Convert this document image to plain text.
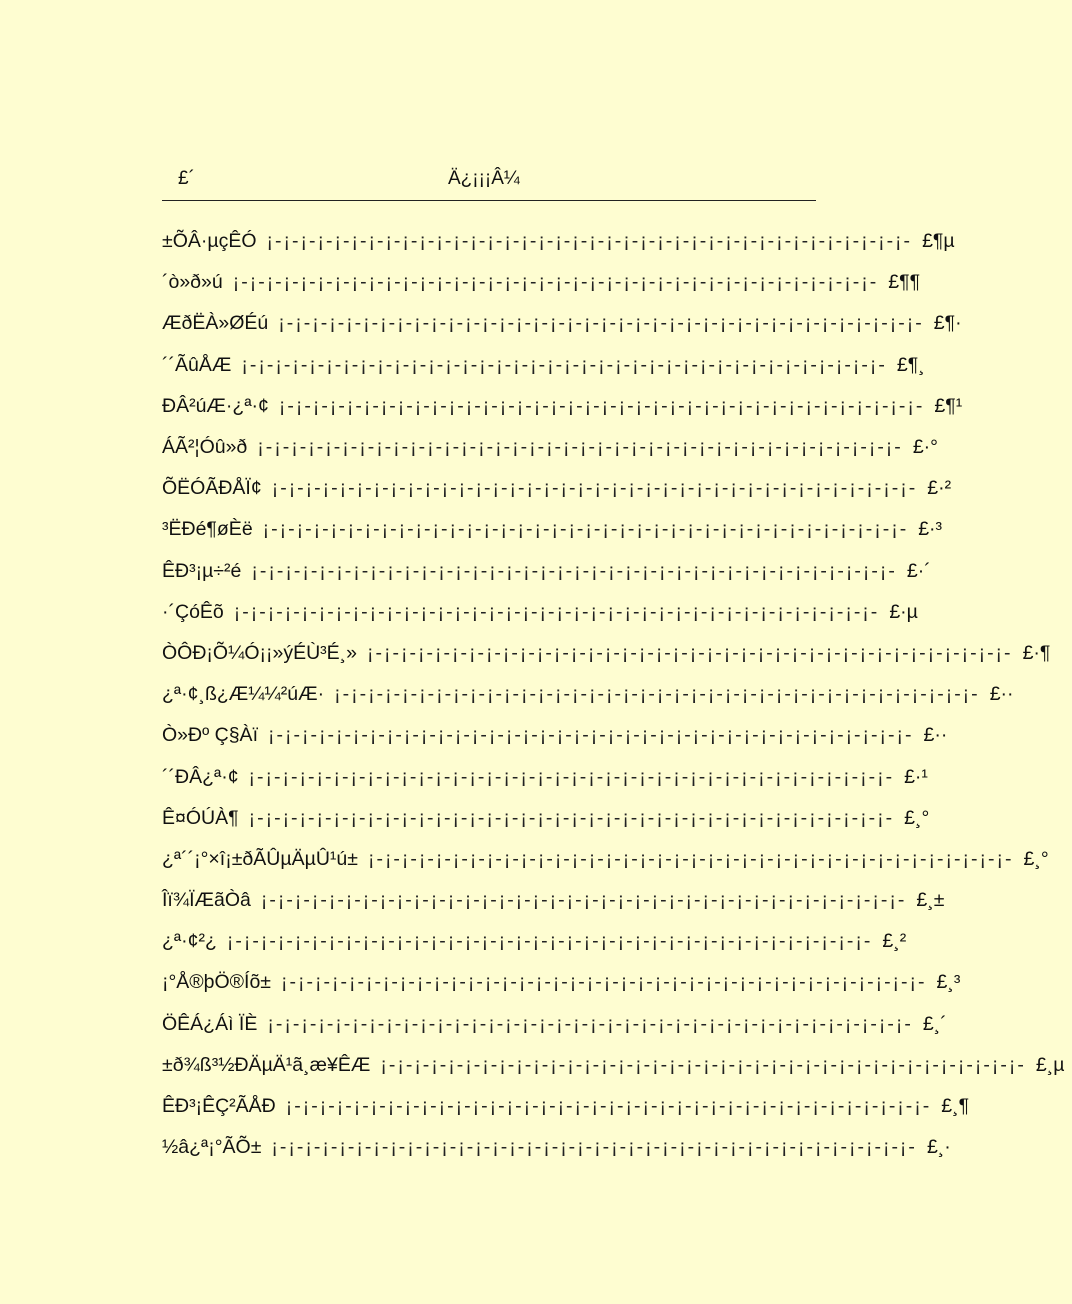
£´	Ä¿¡¡¡Â¼
±ÕÂ·µçÊÓ ¡-¡-¡-¡-¡-¡-¡-¡-¡-¡-¡-¡-¡-¡-¡-¡-¡-¡-¡-¡-¡-¡-¡-¡-¡-¡-¡-¡-¡-¡-¡-¡-¡-¡-¡-¡-¡-¡- £¶µ
´ò»ð»ú ¡-¡-¡-¡-¡-¡-¡-¡-¡-¡-¡-¡-¡-¡-¡-¡-¡-¡-¡-¡-¡-¡-¡-¡-¡-¡-¡-¡-¡-¡-¡-¡-¡-¡-¡-¡-¡-¡- £¶¶
ÆðËÀ»ØÉú ¡-¡-¡-¡-¡-¡-¡-¡-¡-¡-¡-¡-¡-¡-¡-¡-¡-¡-¡-¡-¡-¡-¡-¡-¡-¡-¡-¡-¡-¡-¡-¡-¡-¡-¡-¡-¡-¡- £¶·
´´ÃûÅÆ ¡-¡-¡-¡-¡-¡-¡-¡-¡-¡-¡-¡-¡-¡-¡-¡-¡-¡-¡-¡-¡-¡-¡-¡-¡-¡-¡-¡-¡-¡-¡-¡-¡-¡-¡-¡-¡-¡- £¶¸
ÐÂ²úÆ·¿ª·¢ ¡-¡-¡-¡-¡-¡-¡-¡-¡-¡-¡-¡-¡-¡-¡-¡-¡-¡-¡-¡-¡-¡-¡-¡-¡-¡-¡-¡-¡-¡-¡-¡-¡-¡-¡-¡-¡-¡- £¶¹
ÁÃ²¦Óû»ð ¡-¡-¡-¡-¡-¡-¡-¡-¡-¡-¡-¡-¡-¡-¡-¡-¡-¡-¡-¡-¡-¡-¡-¡-¡-¡-¡-¡-¡-¡-¡-¡-¡-¡-¡-¡-¡-¡- £·°
ÕËÓÃÐÅÏ¢ ¡-¡-¡-¡-¡-¡-¡-¡-¡-¡-¡-¡-¡-¡-¡-¡-¡-¡-¡-¡-¡-¡-¡-¡-¡-¡-¡-¡-¡-¡-¡-¡-¡-¡-¡-¡-¡-¡- £·²
³ËÐé¶øÈë ¡-¡-¡-¡-¡-¡-¡-¡-¡-¡-¡-¡-¡-¡-¡-¡-¡-¡-¡-¡-¡-¡-¡-¡-¡-¡-¡-¡-¡-¡-¡-¡-¡-¡-¡-¡-¡-¡- £·³
ÊÐ³¡µ÷²é ¡-¡-¡-¡-¡-¡-¡-¡-¡-¡-¡-¡-¡-¡-¡-¡-¡-¡-¡-¡-¡-¡-¡-¡-¡-¡-¡-¡-¡-¡-¡-¡-¡-¡-¡-¡-¡-¡- £·´
·´ÇóÊõ ¡-¡-¡-¡-¡-¡-¡-¡-¡-¡-¡-¡-¡-¡-¡-¡-¡-¡-¡-¡-¡-¡-¡-¡-¡-¡-¡-¡-¡-¡-¡-¡-¡-¡-¡-¡-¡-¡- £·µ
ÒÔÐ¡Õ¼Ó¡¡»ýÉÙ³É¸» ¡-¡-¡-¡-¡-¡-¡-¡-¡-¡-¡-¡-¡-¡-¡-¡-¡-¡-¡-¡-¡-¡-¡-¡-¡-¡-¡-¡-¡-¡-¡-¡-¡-¡-¡-¡-¡-¡- £·¶
¿ª·¢¸ß¿Æ¼¼²úÆ· ¡-¡-¡-¡-¡-¡-¡-¡-¡-¡-¡-¡-¡-¡-¡-¡-¡-¡-¡-¡-¡-¡-¡-¡-¡-¡-¡-¡-¡-¡-¡-¡-¡-¡-¡-¡-¡-¡- £··
Ò»Ðº Ç§Àï ¡-¡-¡-¡-¡-¡-¡-¡-¡-¡-¡-¡-¡-¡-¡-¡-¡-¡-¡-¡-¡-¡-¡-¡-¡-¡-¡-¡-¡-¡-¡-¡-¡-¡-¡-¡-¡-¡- £··
´´ÐÂ¿ª·¢ ¡-¡-¡-¡-¡-¡-¡-¡-¡-¡-¡-¡-¡-¡-¡-¡-¡-¡-¡-¡-¡-¡-¡-¡-¡-¡-¡-¡-¡-¡-¡-¡-¡-¡-¡-¡-¡-¡- £·¹
Ê¤ÓÚÀ¶ ¡-¡-¡-¡-¡-¡-¡-¡-¡-¡-¡-¡-¡-¡-¡-¡-¡-¡-¡-¡-¡-¡-¡-¡-¡-¡-¡-¡-¡-¡-¡-¡-¡-¡-¡-¡-¡-¡- £¸°
¿ª´´¡°×î¡±ðÃÛµÄµÛ¹ú± ¡-¡-¡-¡-¡-¡-¡-¡-¡-¡-¡-¡-¡-¡-¡-¡-¡-¡-¡-¡-¡-¡-¡-¡-¡-¡-¡-¡-¡-¡-¡-¡-¡-¡-¡-¡-¡-¡- £¸°
Îï¾ÏÆãÒâ ¡-¡-¡-¡-¡-¡-¡-¡-¡-¡-¡-¡-¡-¡-¡-¡-¡-¡-¡-¡-¡-¡-¡-¡-¡-¡-¡-¡-¡-¡-¡-¡-¡-¡-¡-¡-¡-¡- £¸±
¿ª·¢²¿ ¡-¡-¡-¡-¡-¡-¡-¡-¡-¡-¡-¡-¡-¡-¡-¡-¡-¡-¡-¡-¡-¡-¡-¡-¡-¡-¡-¡-¡-¡-¡-¡-¡-¡-¡-¡-¡-¡- £¸²
¡°Å®þÖ®Íõ± ¡-¡-¡-¡-¡-¡-¡-¡-¡-¡-¡-¡-¡-¡-¡-¡-¡-¡-¡-¡-¡-¡-¡-¡-¡-¡-¡-¡-¡-¡-¡-¡-¡-¡-¡-¡-¡-¡- £¸³
ÖÊÁ¿Áì ÏÈ ¡-¡-¡-¡-¡-¡-¡-¡-¡-¡-¡-¡-¡-¡-¡-¡-¡-¡-¡-¡-¡-¡-¡-¡-¡-¡-¡-¡-¡-¡-¡-¡-¡-¡-¡-¡-¡-¡- £¸´
±ð¾ß³½ÐÄµÄ¹ã¸æ¥ÊÆ ¡-¡-¡-¡-¡-¡-¡-¡-¡-¡-¡-¡-¡-¡-¡-¡-¡-¡-¡-¡-¡-¡-¡-¡-¡-¡-¡-¡-¡-¡-¡-¡-¡-¡-¡-¡-¡-¡- £¸µ
ÊÐ³¡ÊÇ²ÃÅÐ ¡-¡-¡-¡-¡-¡-¡-¡-¡-¡-¡-¡-¡-¡-¡-¡-¡-¡-¡-¡-¡-¡-¡-¡-¡-¡-¡-¡-¡-¡-¡-¡-¡-¡-¡-¡-¡-¡- £¸¶
½â¿ª¡°ÃÕ± ¡-¡-¡-¡-¡-¡-¡-¡-¡-¡-¡-¡-¡-¡-¡-¡-¡-¡-¡-¡-¡-¡-¡-¡-¡-¡-¡-¡-¡-¡-¡-¡-¡-¡-¡-¡-¡-¡- £¸·
